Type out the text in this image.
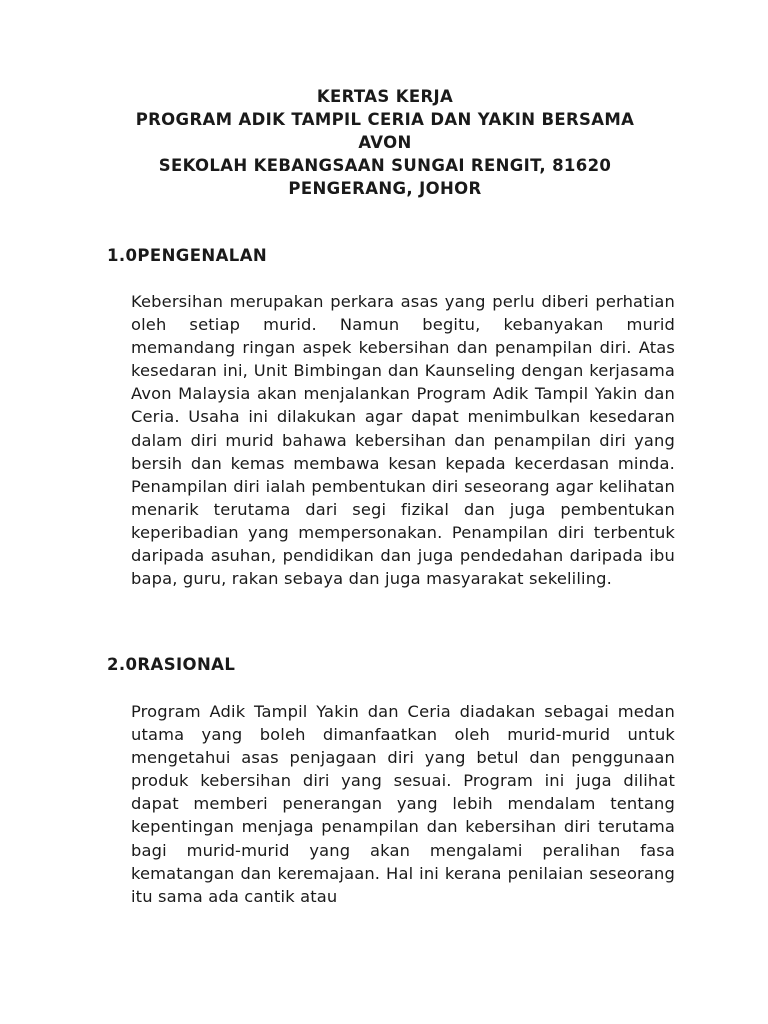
KERTAS KERJA
PROGRAM ADIK TAMPIL CERIA DAN YAKIN BERSAMA
AVON
SEKOLAH KEBANGSAAN SUNGAI RENGIT, 81620
PENGERANG, JOHOR
1.0PENGENALAN

Kebersihan merupakan perkara asas yang perlu diberi perhatian oleh setiap murid. Namun begitu, kebanyakan murid memandang ringan aspek kebersihan dan penampilan diri. Atas kesedaran ini, Unit Bimbingan dan Kaunseling dengan kerjasama Avon Malaysia akan menjalankan Program Adik Tampil Yakin dan Ceria. Usaha ini dilakukan agar dapat menimbulkan kesedaran dalam diri murid bahawa kebersihan dan penampilan diri yang bersih dan kemas membawa kesan kepada kecerdasan minda. Penampilan diri ialah pembentukan diri seseorang agar kelihatan menarik terutama dari segi fizikal dan juga pembentukan keperibadian yang mempersonakan. Penampilan diri terbentuk daripada asuhan, pendidikan dan juga pendedahan daripada ibu bapa, guru, rakan sebaya dan juga masyarakat sekeliling.

2.0RASIONAL

Program Adik Tampil Yakin dan Ceria diadakan sebagai medan utama yang boleh dimanfaatkan oleh murid-murid untuk mengetahui asas penjagaan diri yang betul dan penggunaan produk kebersihan diri yang sesuai. Program ini juga dilihat dapat memberi penerangan yang lebih mendalam tentang kepentingan menjaga penampilan dan kebersihan diri terutama bagi murid-murid yang akan mengalami peralihan fasa kematangan dan keremajaan. Hal ini kerana penilaian seseorang itu sama ada cantik atau
